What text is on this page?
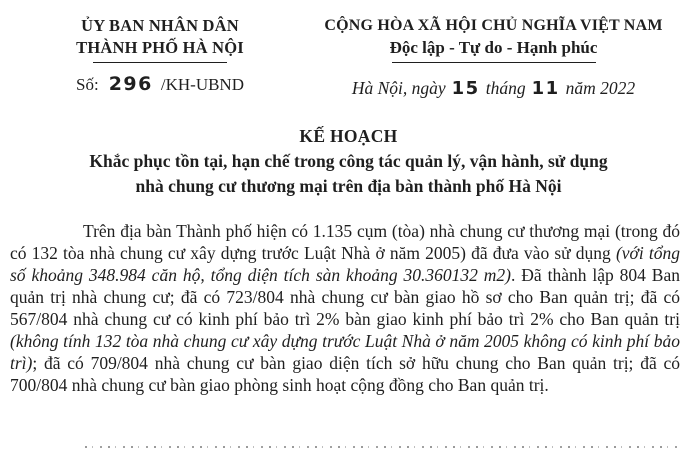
ỦY BAN NHÂN DÂN
THÀNH PHỐ HÀ NỘI
Số: 296 /KH-UBND
CỘNG HÒA XÃ HỘI CHỦ NGHĨA VIỆT NAM
Độc lập - Tự do - Hạnh phúc
Hà Nội, ngày 15 tháng 11 năm 2022
KẾ HOẠCH
Khắc phục tồn tại, hạn chế trong công tác quản lý, vận hành, sử dụng
nhà chung cư thương mại trên địa bàn thành phố Hà Nội

Trên địa bàn Thành phố hiện có 1.135 cụm (tòa) nhà chung cư thương mại (trong đó có 132 tòa nhà chung cư xây dựng trước Luật Nhà ở năm 2005) đã đưa vào sử dụng (với tổng số khoảng 348.984 căn hộ, tổng diện tích sàn khoảng 30.360132 m2). Đã thành lập 804 Ban quản trị nhà chung cư; đã có 723/804 nhà chung cư bàn giao hồ sơ cho Ban quản trị; đã có 567/804 nhà chung cư có kinh phí bảo trì 2% bàn giao kinh phí bảo trì 2% cho Ban quản trị (không tính 132 tòa nhà chung cư xây dựng trước Luật Nhà ở năm 2005 không có kinh phí bảo trì); đã có 709/804 nhà chung cư bàn giao diện tích sở hữu chung cho Ban quản trị; đã có 700/804 nhà chung cư bàn giao phòng sinh hoạt cộng đồng cho Ban quản trị.
